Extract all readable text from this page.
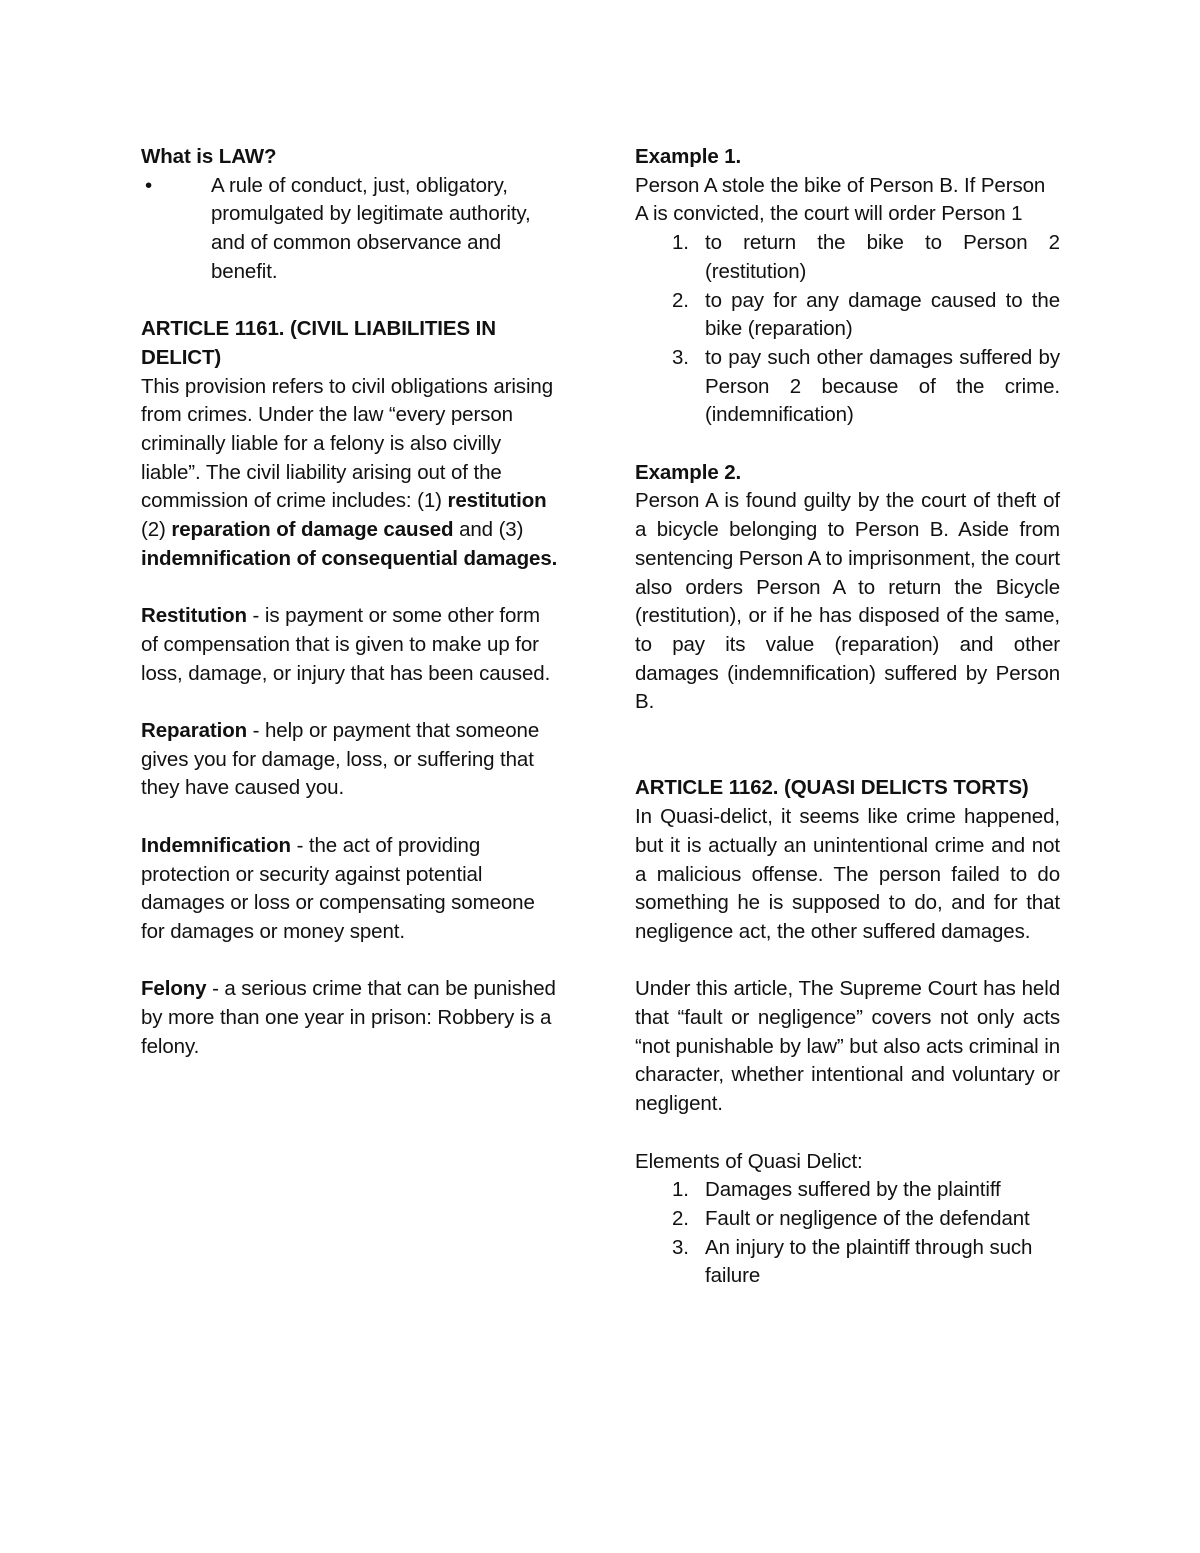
What is LAW?

•	A rule of conduct, just, obligatory, promulgated by legitimate authority, and of common observance and benefit.

ARTICLE 1161. (CIVIL LIABILITIES IN DELICT)

This provision refers to civil obligations arising from crimes. Under the law “every person criminally liable for a felony is also civilly liable”. The civil liability arising out of the commission of crime includes: (1) restitution (2) reparation of damage caused and (3) indemnification of consequential damages.

Restitution - is payment or some other form of compensation that is given to make up for loss, damage, or injury that has been caused.

Reparation - help or payment that someone gives you for damage, loss, or suffering that they have caused you.

Indemnification - the act of providing protection or security against potential damages or loss or compensating someone for damages or money spent.

Felony - a serious crime that can be punished by more than one year in prison: Robbery is a felony.

Example 1.

Person A stole the bike of Person B. If Person A is convicted, the court will order Person 1

1. to return the bike to Person 2 (restitution)
2. to pay for any damage caused to the bike (reparation)
3. to pay such other damages suffered by Person 2 because of the crime. (indemnification)

Example 2.

Person A is found guilty by the court of theft of a bicycle belonging to Person B. Aside from sentencing Person A to imprisonment, the court also orders Person A to return the Bicycle (restitution), or if he has disposed of the same, to pay its value (reparation) and other damages (indemnification) suffered by Person B.

ARTICLE 1162. (QUASI DELICTS TORTS)

In Quasi-delict, it seems like crime happened, but it is actually an unintentional crime and not a malicious offense. The person failed to do something he is supposed to do, and for that negligence act, the other suffered damages.

Under this article, The Supreme Court has held that “fault or negligence” covers not only acts “not punishable by law” but also acts criminal in character, whether intentional and voluntary or negligent.

Elements of Quasi Delict:

1. Damages suffered by the plaintiff
2. Fault or negligence of the defendant
3. An injury to the plaintiff through such failure
